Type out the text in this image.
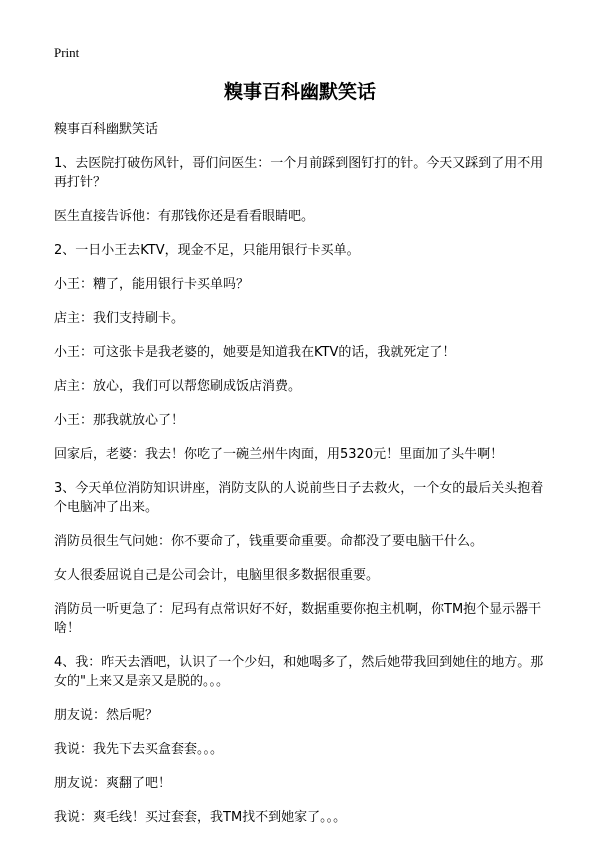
Print
糗事百科幽默笑话

糗事百科幽默笑话

1、去医院打破伤风针，哥们问医生：一个月前踩到图钉打的针。今天又踩到了用不用再打针？

医生直接告诉他：有那钱你还是看看眼睛吧。

2、一日小王去KTV，现金不足，只能用银行卡买单。

小王：糟了，能用银行卡买单吗？

店主：我们支持刷卡。

小王：可这张卡是我老婆的，她要是知道我在KTV的话，我就死定了！

店主：放心，我们可以帮您刷成饭店消费。

小王：那我就放心了！

回家后，老婆：我去！你吃了一碗兰州牛肉面，用5320元！里面加了头牛啊！

3、今天单位消防知识讲座，消防支队的人说前些日子去救火，一个女的最后关头抱着个电脑冲了出来。

消防员很生气问她：你不要命了，钱重要命重要。命都没了要电脑干什么。

女人很委屈说自己是公司会计，电脑里很多数据很重要。

消防员一听更急了：尼玛有点常识好不好，数据重要你抱主机啊，你TM抱个显示器干啥！

4、我：昨天去酒吧，认识了一个少妇，和她喝多了，然后她带我回到她住的地方。那女的"上来又是亲又是脱的。。。

朋友说：然后呢？

我说：我先下去买盒套套。。。

朋友说：爽翻了吧！

我说：爽毛线！买过套套，我TM找不到她家了。。。
